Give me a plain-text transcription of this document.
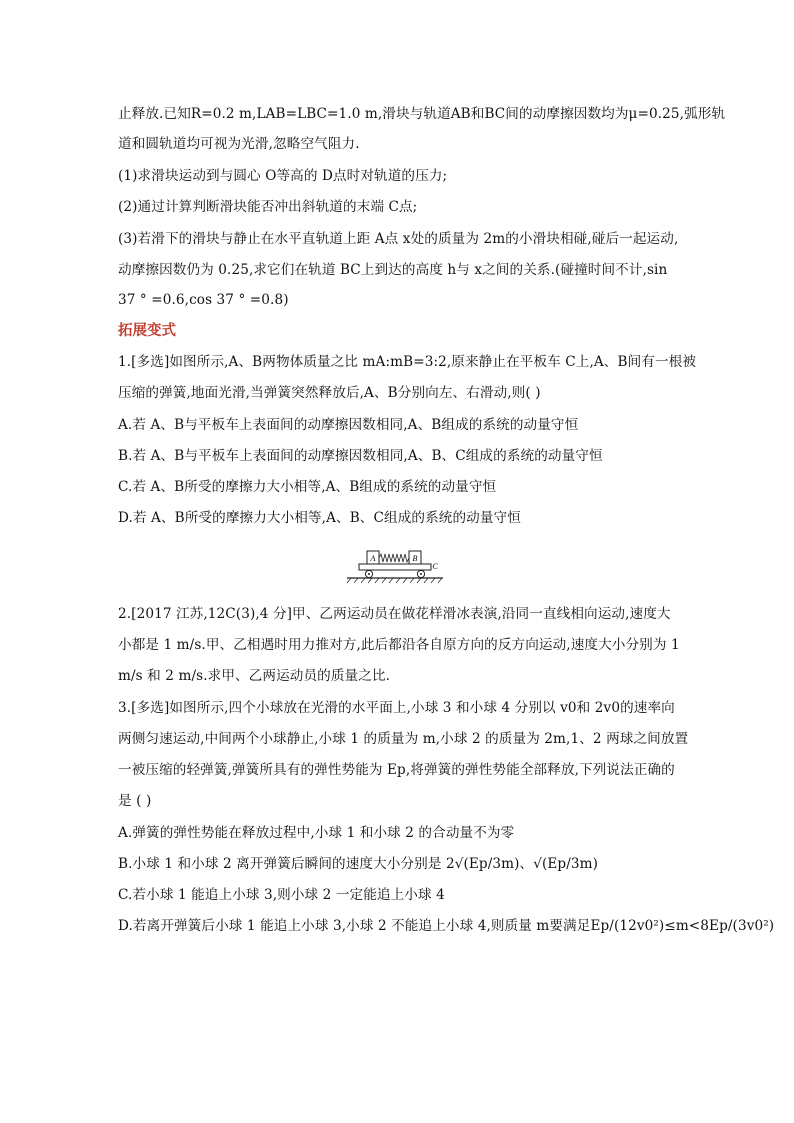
止释放.已知R=0.2 m,LAB=LBC=1.0 m,滑块与轨道AB和BC间的动摩擦因数均为μ=0.25,弧形轨
道和圆轨道均可视为光滑,忽略空气阻力.
(1)求滑块运动到与圆心 O等高的 D点时对轨道的压力;
(2)通过计算判断滑块能否冲出斜轨道的末端 C点;
(3)若滑下的滑块与静止在水平直轨道上距 A点 x处的质量为 2m的小滑块相碰,碰后一起运动,
动摩擦因数仍为 0.25,求它们在轨道 BC上到达的高度 h与 x之间的关系.(碰撞时间不计,sin
37 ° =0.6,cos 37 ° =0.8)
拓展变式
1.[多选]如图所示,A、B两物体质量之比 mA:mB=3:2,原来静止在平板车 C上,A、B间有一根被
压缩的弹簧,地面光滑,当弹簧突然释放后,A、B分别向左、右滑动,则( )
A.若 A、B与平板车上表面间的动摩擦因数相同,A、B组成的系统的动量守恒
B.若 A、B与平板车上表面间的动摩擦因数相同,A、B、C组成的系统的动量守恒
C.若 A、B所受的摩擦力大小相等,A、B组成的系统的动量守恒
D.若 A、B所受的摩擦力大小相等,A、B、C组成的系统的动量守恒
A	B
C
2.[2017 江苏,12C(3),4 分]甲、乙两运动员在做花样滑冰表演,沿同一直线相向运动,速度大
小都是 1 m/s.甲、乙相遇时用力推对方,此后都沿各自原方向的反方向运动,速度大小分别为 1
m/s 和 2 m/s.求甲、乙两运动员的质量之比.
3.[多选]如图所示,四个小球放在光滑的水平面上,小球 3 和小球 4 分别以 v0和 2v0的速率向
两侧匀速运动,中间两个小球静止,小球 1 的质量为 m,小球 2 的质量为 2m,1、2 两球之间放置
一被压缩的轻弹簧,弹簧所具有的弹性势能为 Ep,将弹簧的弹性势能全部释放,下列说法正确的
是 ( )
A.弹簧的弹性势能在释放过程中,小球 1 和小球 2 的合动量不为零
B.小球 1 和小球 2 离开弹簧后瞬间的速度大小分别是 2√(Ep/3m)、√(Ep/3m)
C.若小球 1 能追上小球 3,则小球 2 一定能追上小球 4
D.若离开弹簧后小球 1 能追上小球 3,小球 2 不能追上小球 4,则质量 m要满足Ep/(12v0²)≤m<8Ep/(3v0²)
